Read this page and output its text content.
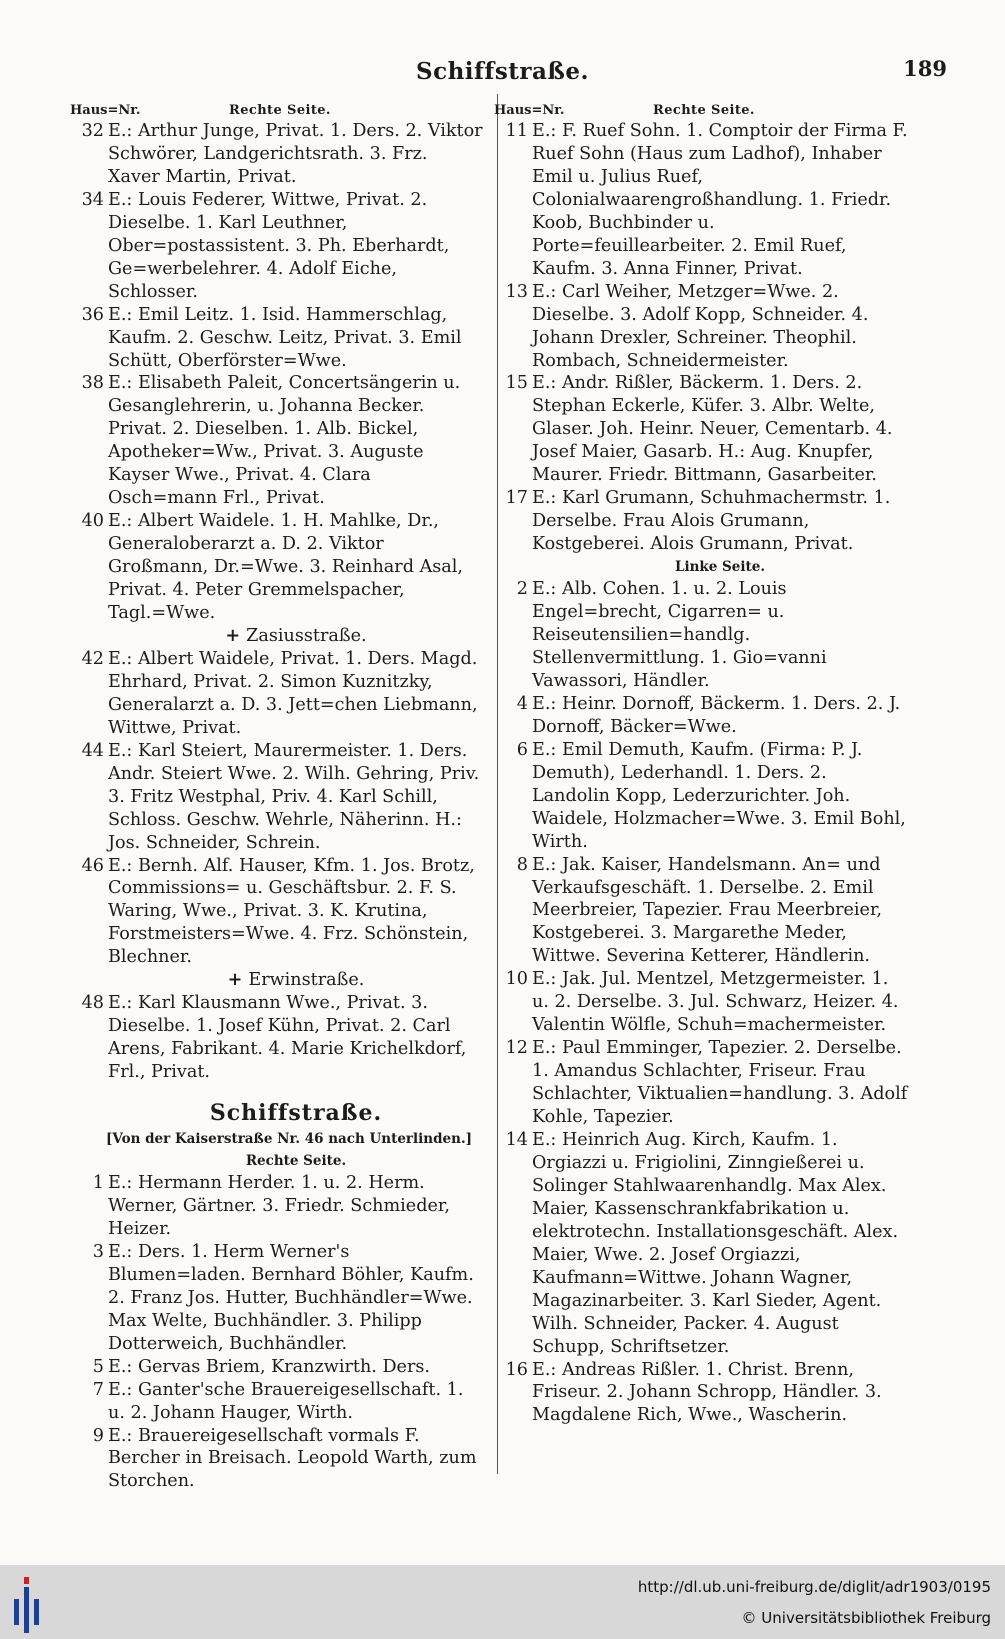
Schiffstraße.	189
Haus=Nr.	Rechte Seite.
32 E.: Arthur Junge, Privat. 1. Ders. 2. Viktor Schwörer, Landgerichtsrath. 3. Frz. Xaver Martin, Privat.
34 E.: Louis Federer, Wittwe, Privat. 2. Dieselbe. 1. Karl Leuthner, Ober=postassistent. 3. Ph. Eberhardt, Ge=werbelehrer. 4. Adolf Eiche, Schlosser.
36 E.: Emil Leitz. 1. Isid. Hammerschlag, Kaufm. 2. Geschw. Leitz, Privat. 3. Emil Schütt, Oberförster=Wwe.
38 E.: Elisabeth Paleit, Concertsängerin u. Gesanglehrerin, u. Johanna Becker. Privat. 2. Dieselben. 1. Alb. Bickel, Apotheker=Ww., Privat. 3. Auguste Kayser Wwe., Privat. 4. Clara Osch=mann Frl., Privat.
40 E.: Albert Waidele. 1. H. Mahlke, Dr., Generaloberarzt a. D. 2. Viktor Großmann, Dr.=Wwe. 3. Reinhard Asal, Privat. 4. Peter Gremmelspacher, Tagl.=Wwe.
+ Zasiusstraße.
42 E.: Albert Waidele, Privat. 1. Ders. Magd. Ehrhard, Privat. 2. Simon Kuznitzky, Generalarzt a. D. 3. Jett=chen Liebmann, Wittwe, Privat.
44 E.: Karl Steiert, Maurermeister. 1. Ders. Andr. Steiert Wwe. 2. Wilh. Gehring, Priv. 3. Fritz Westphal, Priv. 4. Karl Schill, Schloss. Geschw. Wehrle, Näherinn. H.: Jos. Schneider, Schrein.
46 E.: Bernh. Alf. Hauser, Kfm. 1. Jos. Brotz, Commissions= u. Geschäftsbur. 2. F. S. Waring, Wwe., Privat. 3. K. Krutina, Forstmeisters=Wwe. 4. Frz. Schönstein, Blechner.
+ Erwinstraße.
48 E.: Karl Klausmann Wwe., Privat. 3. Dieselbe. 1. Josef Kühn, Privat. 2. Carl Arens, Fabrikant. 4. Marie Krichelkdorf, Frl., Privat.
Schiffstraße.
[Von der Kaiserstraße Nr. 46 nach Unterlinden.]
Rechte Seite.
1 E.: Hermann Herder. 1. u. 2. Herm. Werner, Gärtner. 3. Friedr. Schmieder, Heizer.
3 E.: Ders. 1. Herm Werner's Blumen=laden. Bernhard Böhler, Kaufm. 2. Franz Jos. Hutter, Buchhändler=Wwe. Max Welte, Buchhändler. 3. Philipp Dotterweich, Buchhändler.
5 E.: Gervas Briem, Kranzwirth. Ders.
7 E.: Ganter'sche Brauereigesellschaft. 1. u. 2. Johann Hauger, Wirth.
9 E.: Brauereigesellschaft vormals F. Bercher in Breisach. Leopold Warth, zum Storchen.
Haus=Nr.	Rechte Seite.
11 E.: F. Ruef Sohn. 1. Comptoir der Firma F. Ruef Sohn (Haus zum Ladhof), Inhaber Emil u. Julius Ruef, Colonialwaarengroßhandlung. 1. Friedr. Koob, Buchbinder u. Porte=feuillearbeiter. 2. Emil Ruef, Kaufm. 3. Anna Finner, Privat.
13 E.: Carl Weiher, Metzger=Wwe. 2. Dieselbe. 3. Adolf Kopp, Schneider. 4. Johann Drexler, Schreiner. Theophil. Rombach, Schneidermeister.
15 E.: Andr. Rißler, Bäckerm. 1. Ders. 2. Stephan Eckerle, Küfer. 3. Albr. Welte, Glaser. Joh. Heinr. Neuer, Cementarb. 4. Josef Maier, Gasarb. H.: Aug. Knupfer, Maurer. Friedr. Bittmann, Gasarbeiter.
17 E.: Karl Grumann, Schuhmachermstr. 1. Derselbe. Frau Alois Grumann, Kostgeberei. Alois Grumann, Privat.
Linke Seite.
2 E.: Alb. Cohen. 1. u. 2. Louis Engel=brecht, Cigarren= u. Reiseutensilien=handlg. Stellenvermittlung. 1. Gio=vanni Vawassori, Händler.
4 E.: Heinr. Dornoff, Bäckerm. 1. Ders. 2. J. Dornoff, Bäcker=Wwe.
6 E.: Emil Demuth, Kaufm. (Firma: P. J. Demuth), Lederhandl. 1. Ders. 2. Landolin Kopp, Lederzurichter. Joh. Waidele, Holzmacher=Wwe. 3. Emil Bohl, Wirth.
8 E.: Jak. Kaiser, Handelsmann. An= und Verkaufsgeschäft. 1. Derselbe. 2. Emil Meerbreier, Tapezier. Frau Meerbreier, Kostgeberei. 3. Margarethe Meder, Wittwe. Severina Ketterer, Händlerin.
10 E.: Jak. Jul. Mentzel, Metzgermeister. 1. u. 2. Derselbe. 3. Jul. Schwarz, Heizer. 4. Valentin Wölfle, Schuh=machermeister.
12 E.: Paul Emminger, Tapezier. 2. Derselbe. 1. Amandus Schlachter, Friseur. Frau Schlachter, Viktualien=handlung. 3. Adolf Kohle, Tapezier.
14 E.: Heinrich Aug. Kirch, Kaufm. 1. Orgiazzi u. Frigiolini, Zinngießerei u. Solinger Stahlwaarenhandlg. Max Alex. Maier, Kassenschrankfabrikation u. elektrotechn. Installationsgeschäft. Alex. Maier, Wwe. 2. Josef Orgiazzi, Kaufmann=Wittwe. Johann Wagner, Magazinarbeiter. 3. Karl Sieder, Agent. Wilh. Schneider, Packer. 4. August Schupp, Schriftsetzer.
16 E.: Andreas Rißler. 1. Christ. Brenn, Friseur. 2. Johann Schropp, Händler. 3. Magdalene Rich, Wwe., Wascherin.
http://dl.ub.uni-freiburg.de/diglit/adr1903/0195
© Universitätsbibliothek Freiburg
